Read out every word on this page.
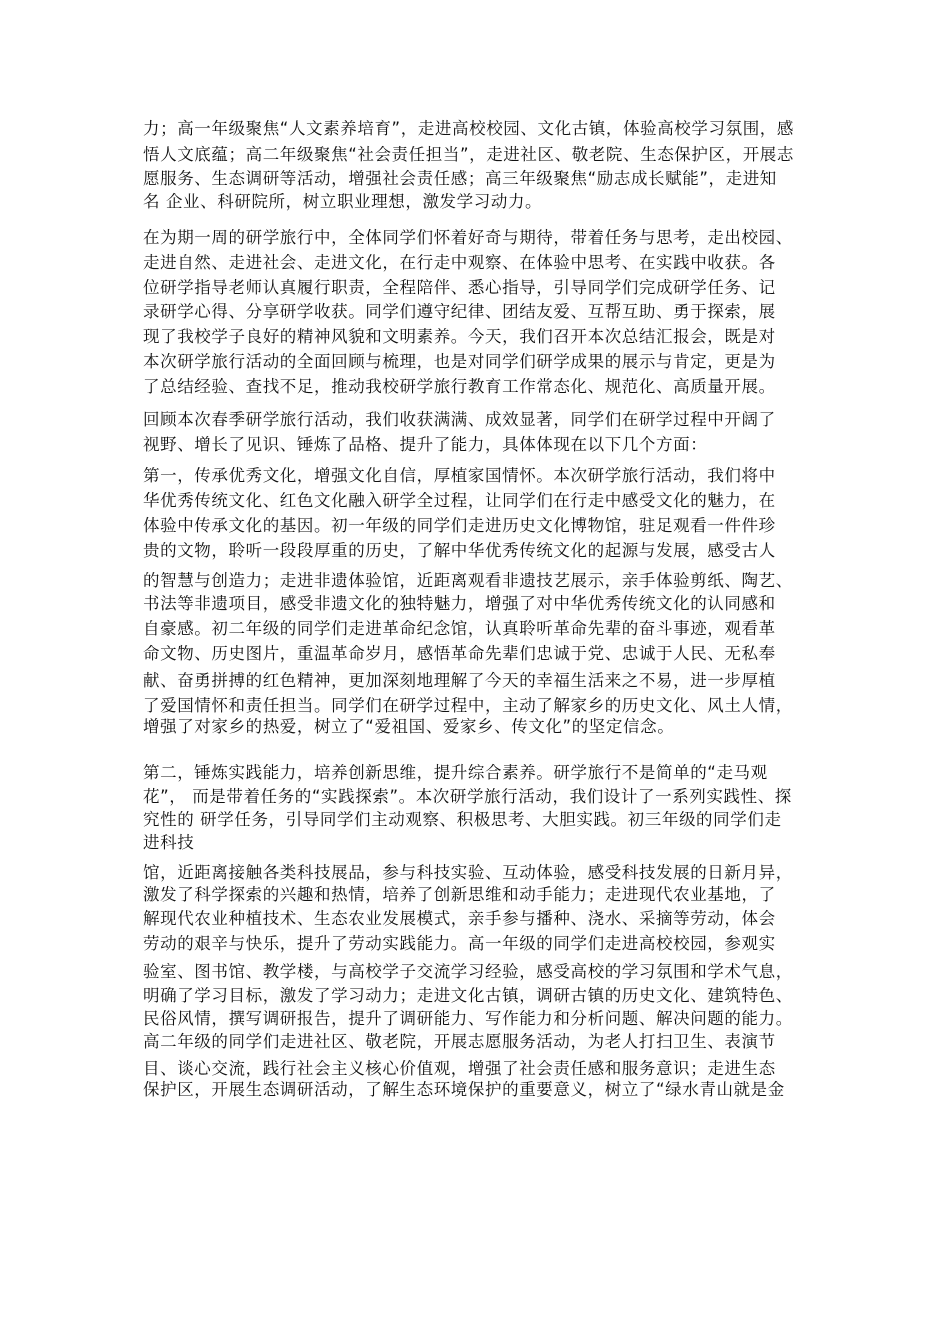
力；高一年级聚焦“人文素养培育”，走进高校校园、文化古镇，体验高校学习氛围，感
悟人文底蕴；高二年级聚焦“社会责任担当”，走进社区、敬老院、生态保护区，开展志
愿服务、生态调研等活动，增强社会责任感；高三年级聚焦“励志成长赋能”，走进知
名 企业、科研院所，树立职业理想，激发学习动力。
在为期一周的研学旅行中，全体同学们怀着好奇与期待，带着任务与思考，走出校园、
走进自然、走进社会、走进文化，在行走中观察、在体验中思考、在实践中收获。各
位研学指导老师认真履行职责，全程陪伴、悉心指导，引导同学们完成研学任务、记
录研学心得、分享研学收获。同学们遵守纪律、团结友爱、互帮互助、勇于探索，展
现了我校学子良好的精神风貌和文明素养。今天，我们召开本次总结汇报会，既是对
本次研学旅行活动的全面回顾与梳理，也是对同学们研学成果的展示与肯定，更是为
了总结经验、查找不足，推动我校研学旅行教育工作常态化、规范化、高质量开展。
回顾本次春季研学旅行活动，我们收获满满、成效显著，同学们在研学过程中开阔了
视野、增长了见识、锤炼了品格、提升了能力，具体体现在以下几个方面：
第一，传承优秀文化，增强文化自信，厚植家国情怀。本次研学旅行活动，我们将中
华优秀传统文化、红色文化融入研学全过程，让同学们在行走中感受文化的魅力，在
体验中传承文化的基因。初一年级的同学们走进历史文化博物馆，驻足观看一件件珍
贵的文物，聆听一段段厚重的历史，了解中华优秀传统文化的起源与发展，感受古人
的智慧与创造力；走进非遗体验馆，近距离观看非遗技艺展示，亲手体验剪纸、陶艺、
书法等非遗项目，感受非遗文化的独特魅力，增强了对中华优秀传统文化的认同感和
自豪感。初二年级的同学们走进革命纪念馆，认真聆听革命先辈的奋斗事迹，观看革
命文物、历史图片，重温革命岁月，感悟革命先辈们忠诚于党、忠诚于人民、无私奉
献、奋勇拼搏的红色精神，更加深刻地理解了今天的幸福生活来之不易，进一步厚植
了爱国情怀和责任担当。同学们在研学过程中，主动了解家乡的历史文化、风土人情，
增强了对家乡的热爱，树立了“爱祖国、爱家乡、传文化”的坚定信念。
第二，锤炼实践能力，培养创新思维，提升综合素养。研学旅行不是简单的“走马观
花”， 而是带着任务的“实践探索”。本次研学旅行活动，我们设计了一系列实践性、探
究性的 研学任务，引导同学们主动观察、积极思考、大胆实践。初三年级的同学们走
进科技
馆，近距离接触各类科技展品，参与科技实验、互动体验，感受科技发展的日新月异，
激发了科学探索的兴趣和热情，培养了创新思维和动手能力；走进现代农业基地，了
解现代农业种植技术、生态农业发展模式，亲手参与播种、浇水、采摘等劳动，体会
劳动的艰辛与快乐，提升了劳动实践能力。高一年级的同学们走进高校校园，参观实
验室、图书馆、教学楼，与高校学子交流学习经验，感受高校的学习氛围和学术气息，
明确了学习目标，激发了学习动力；走进文化古镇，调研古镇的历史文化、建筑特色、
民俗风情，撰写调研报告，提升了调研能力、写作能力和分析问题、解决问题的能力。
高二年级的同学们走进社区、敬老院，开展志愿服务活动，为老人打扫卫生、表演节
目、谈心交流，践行社会主义核心价值观，增强了社会责任感和服务意识；走进生态
保护区，开展生态调研活动，了解生态环境保护的重要意义，树立了“绿水青山就是金
